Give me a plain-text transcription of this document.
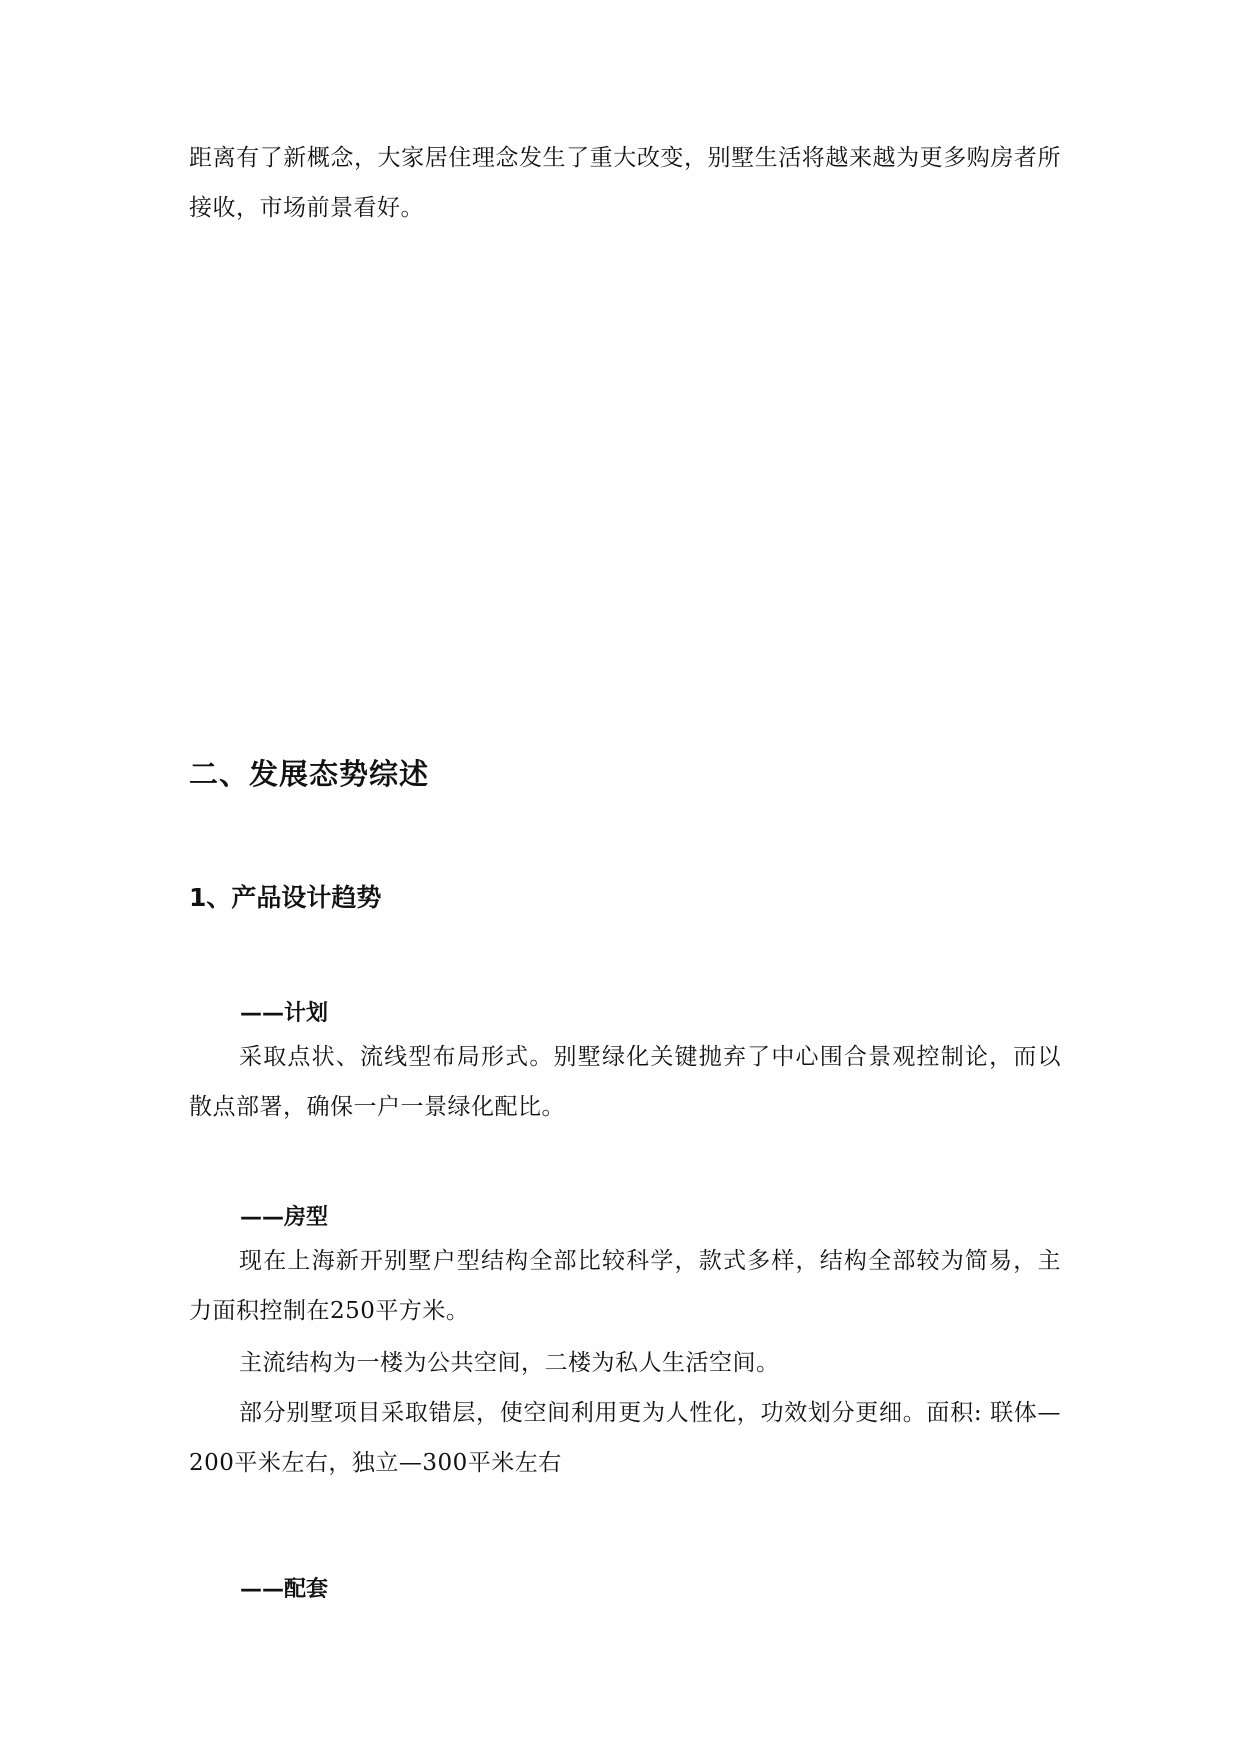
距离有了新概念，大家居住理念发生了重大改变，别墅生活将越来越为更多购房者所接收，市场前景看好。

二、发展态势综述
1、产品设计趋势
——计划

采取点状、流线型布局形式。别墅绿化关键抛弃了中心围合景观控制论，而以散点部署，确保一户一景绿化配比。

——房型

现在上海新开别墅户型结构全部比较科学，款式多样，结构全部较为简易，主力面积控制在250平方米。

主流结构为一楼为公共空间，二楼为私人生活空间。

部分别墅项目采取错层，使空间利用更为人性化，功效划分更细。面积: 联体—200平米左右，独立—300平米左右

——配套
